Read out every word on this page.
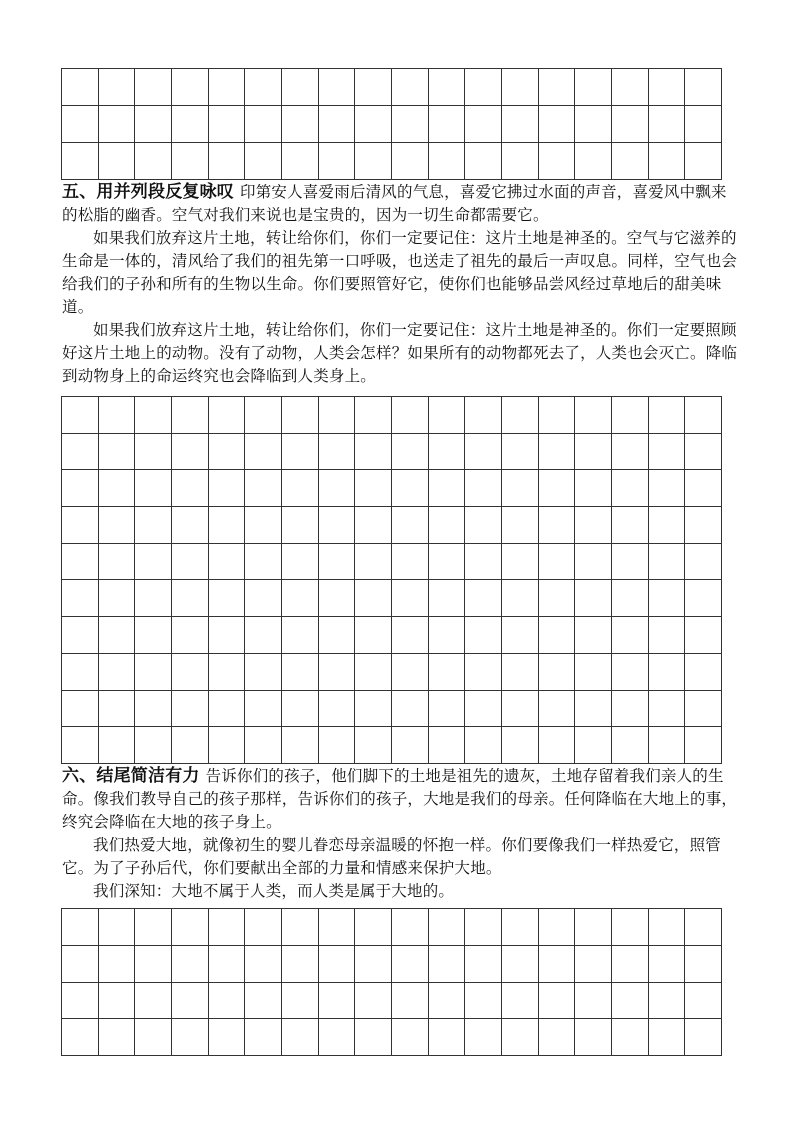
五、用并列段反复咏叹 印第安人喜爱雨后清风的气息，喜爱它拂过水面的声音，喜爱风中飘来的松脂的幽香。空气对我们来说也是宝贵的，因为一切生命都需要它。

如果我们放弃这片土地，转让给你们，你们一定要记住：这片土地是神圣的。空气与它滋养的生命是一体的，清风给了我们的祖先第一口呼吸，也送走了祖先的最后一声叹息。同样，空气也会给我们的子孙和所有的生物以生命。你们要照管好它，使你们也能够品尝风经过草地后的甜美味道。

如果我们放弃这片土地，转让给你们，你们一定要记住：这片土地是神圣的。你们一定要照顾好这片土地上的动物。没有了动物，人类会怎样？如果所有的动物都死去了，人类也会灭亡。降临到动物身上的命运终究也会降临到人类身上。

六、结尾简洁有力 告诉你们的孩子，他们脚下的土地是祖先的遗灰，土地存留着我们亲人的生命。像我们教导自己的孩子那样，告诉你们的孩子，大地是我们的母亲。任何降临在大地上的事，终究会降临在大地的孩子身上。

我们热爱大地，就像初生的婴儿眷恋母亲温暖的怀抱一样。你们要像我们一样热爱它，照管它。为了子孙后代，你们要献出全部的力量和情感来保护大地。

我们深知：大地不属于人类，而人类是属于大地的。
